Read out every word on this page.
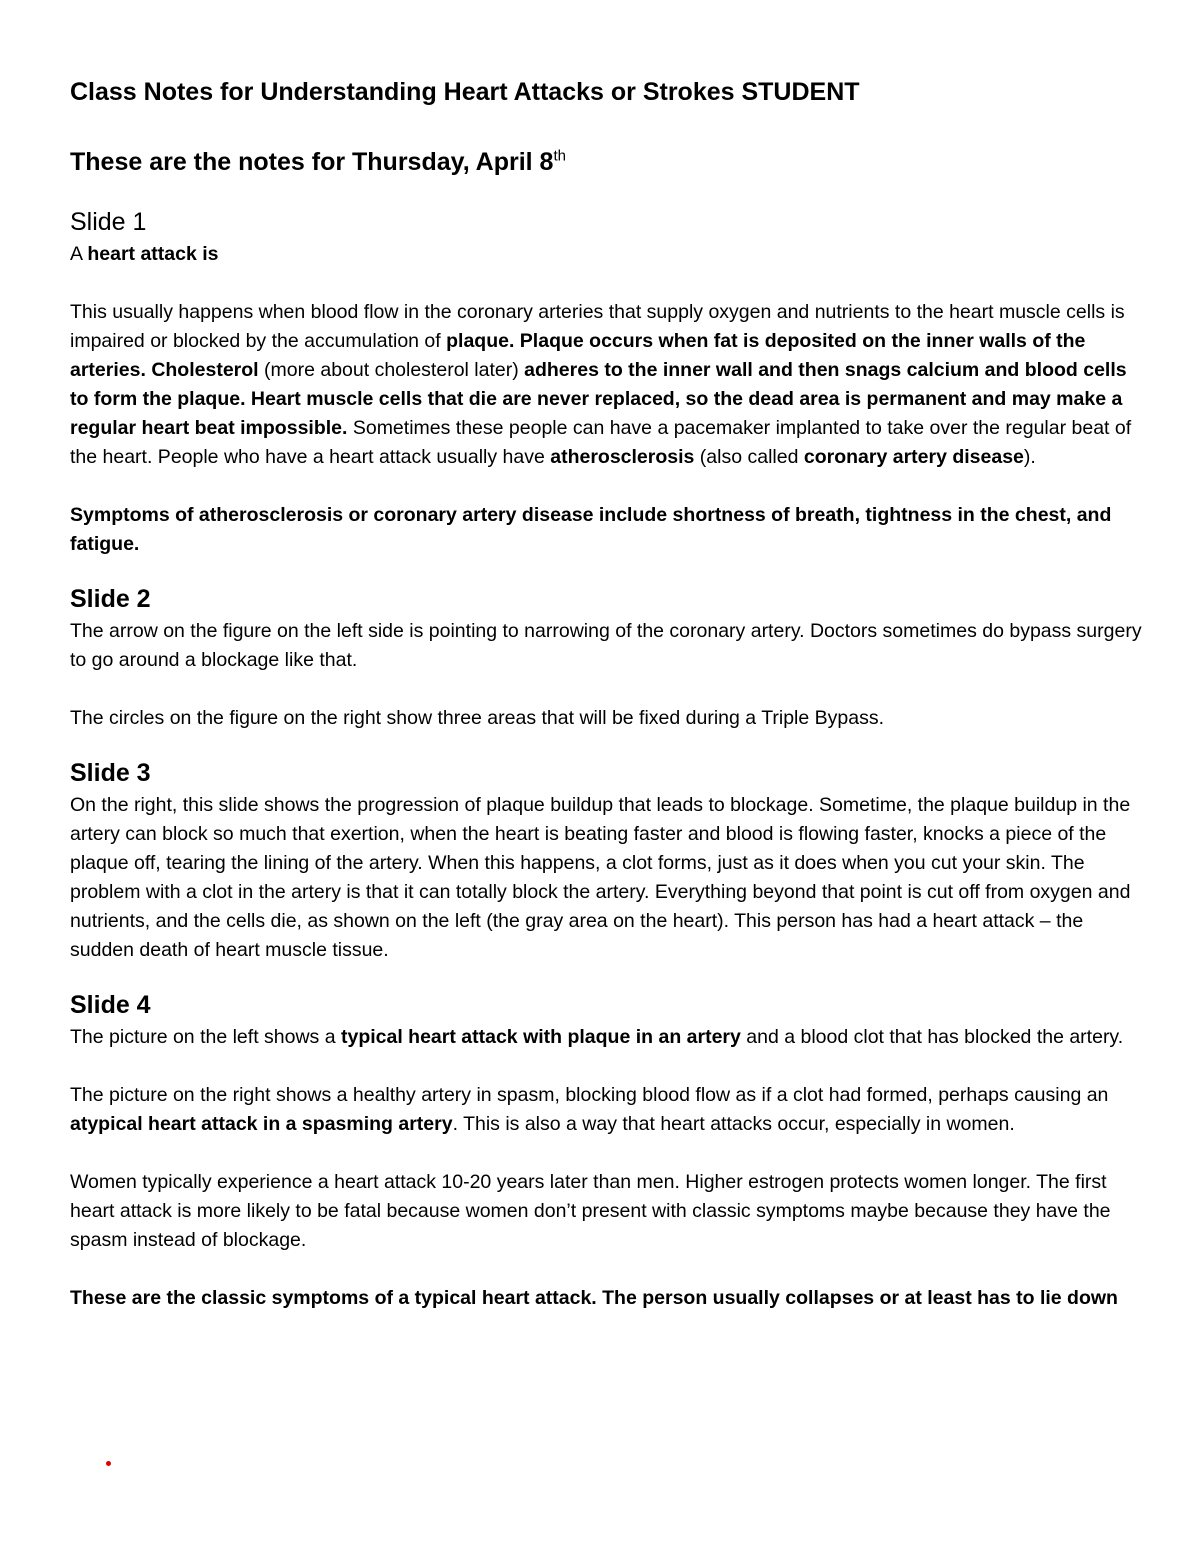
Class Notes for Understanding Heart Attacks or Strokes STUDENT
These are the notes for Thursday, April 8th
Slide 1

A heart attack is

This usually happens when blood flow in the coronary arteries that supply oxygen and nutrients to the heart muscle cells is impaired or blocked by the accumulation of plaque. Plaque occurs when fat is deposited on the inner walls of the arteries. Cholesterol (more about cholesterol later) adheres to the inner wall and then snags calcium and blood cells to form the plaque. Heart muscle cells that die are never replaced, so the dead area is permanent and may make a regular heart beat impossible. Sometimes these people can have a pacemaker implanted to take over the regular beat of the heart. People who have a heart attack usually have atherosclerosis (also called coronary artery disease).

Symptoms of atherosclerosis or coronary artery disease include shortness of breath, tightness in the chest, and fatigue.

Slide 2

The arrow on the figure on the left side is pointing to narrowing of the coronary artery. Doctors sometimes do bypass surgery to go around a blockage like that.

The circles on the figure on the right show three areas that will be fixed during a Triple Bypass.

Slide 3

On the right, this slide shows the progression of plaque buildup that leads to blockage. Sometime, the plaque buildup in the artery can block so much that exertion, when the heart is beating faster and blood is flowing faster, knocks a piece of the plaque off, tearing the lining of the artery. When this happens, a clot forms, just as it does when you cut your skin. The problem with a clot in the artery is that it can totally block the artery. Everything beyond that point is cut off from oxygen and nutrients, and the cells die, as shown on the left (the gray area on the heart). This person has had a heart attack – the sudden death of heart muscle tissue.

Slide 4

The picture on the left shows a typical heart attack with plaque in an artery and a blood clot that has blocked the artery.

The picture on the right shows a healthy artery in spasm, blocking blood flow as if a clot had formed, perhaps causing an atypical heart attack in a spasming artery. This is also a way that heart attacks occur, especially in women.

Women typically experience a heart attack 10-20 years later than men. Higher estrogen protects women longer. The first heart attack is more likely to be fatal because women don’t present with classic symptoms maybe because they have the spasm instead of blockage.

These are the classic symptoms of a typical heart attack. The person usually collapses or at least has to lie down
